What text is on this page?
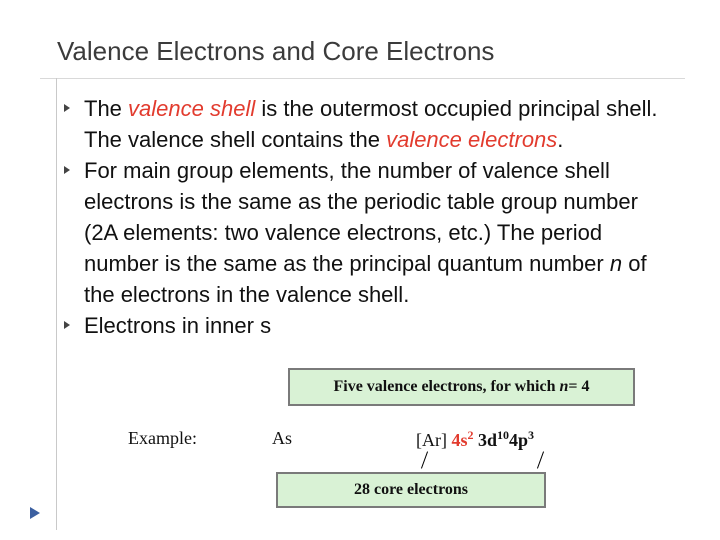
Valence Electrons and Core Electrons
The valence shell is the outermost occupied principal shell. The valence shell contains the valence electrons.
For main group elements, the number of valence shell electrons is the same as the periodic table group number (2A elements: two valence electrons, etc.) The period number is the same as the principal quantum number n of the electrons in the valence shell.
Electrons in inner s
Five valence electrons, for which
n = 4
Example:	As	[Ar] $4s^2$ $3d^{10}4p^3$
28 core electrons
